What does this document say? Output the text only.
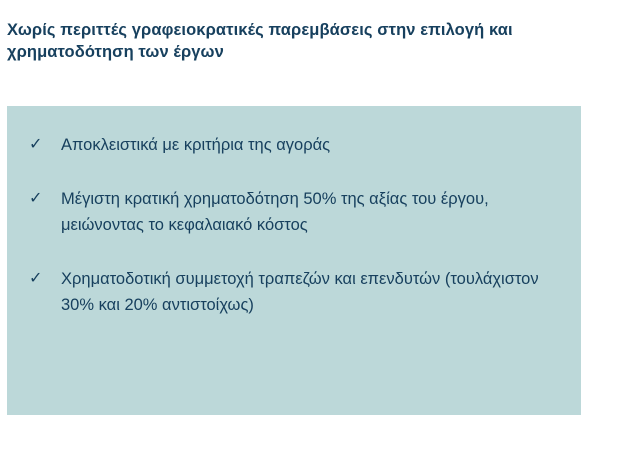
Χωρίς περιττές γραφειοκρατικές παρεμβάσεις στην επιλογή και χρηματοδότηση των έργων
✓	Αποκλειστικά με κριτήρια της αγοράς
✓	Μέγιστη κρατική χρηματοδότηση 50% της αξίας του έργου, μειώνοντας το κεφαλαιακό κόστος
✓	Χρηματοδοτική συμμετοχή τραπεζών και επενδυτών (τουλάχιστον 30% και 20% αντιστοίχως)
